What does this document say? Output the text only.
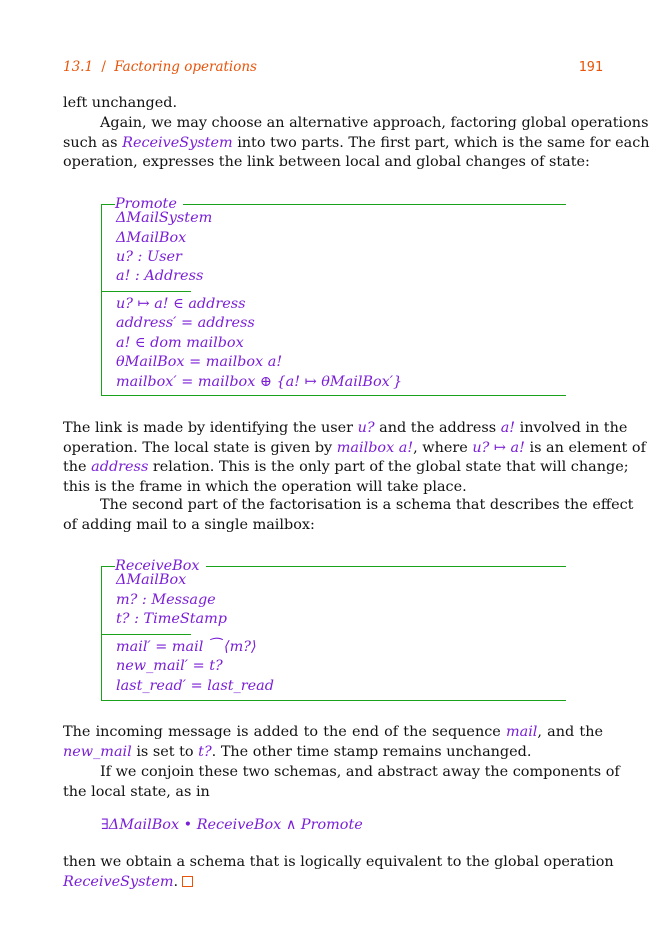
13.1 / Factoring operations	191
left unchanged.
Again, we may choose an alternative approach, factoring global operations
such as ReceiveSystem into two parts. The first part, which is the same for each
operation, expresses the link between local and global changes of state:
Promote
ΔMailSystem
ΔMailBox
u? : User
a! : Address
u? ↦ a! ∈ address
address′ = address
a! ∈ dom mailbox
θMailBox = mailbox a!
mailbox′ = mailbox ⊕ {a! ↦ θMailBox′}
The link is made by identifying the user u? and the address a! involved in the
operation. The local state is given by mailbox a!, where u? ↦ a! is an element of
the address relation. This is the only part of the global state that will change;
this is the frame in which the operation will take place.
The second part of the factorisation is a schema that describes the effect
of adding mail to a single mailbox:
ReceiveBox
ΔMailBox
m? : Message
t? : TimeStamp
mail′ = mail ⁀ ⟨m?⟩
new_mail′ = t?
last_read′ = last_read
The incoming message is added to the end of the sequence mail, and the
new_mail is set to t?. The other time stamp remains unchanged.
If we conjoin these two schemas, and abstract away the components of
the local state, as in
∃ΔMailBox • ReceiveBox ∧ Promote
then we obtain a schema that is logically equivalent to the global operation
ReceiveSystem.
